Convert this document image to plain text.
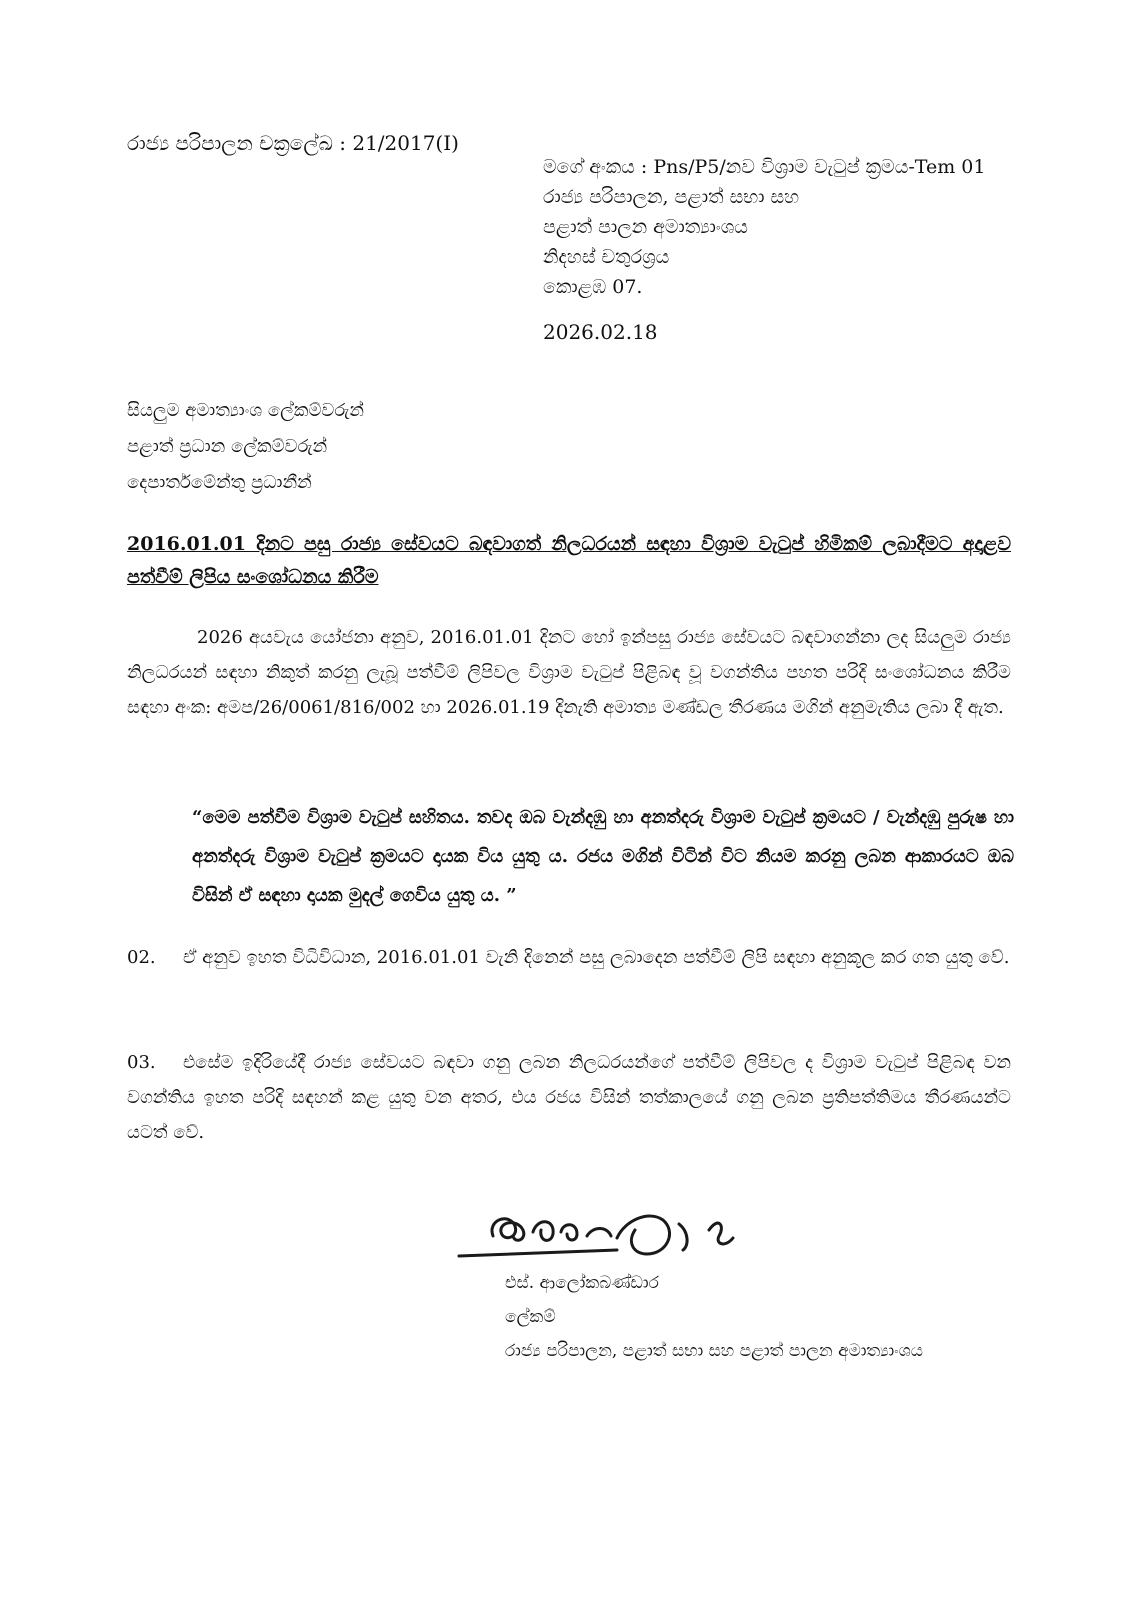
රාජ්‍ය පරිපාලන චක්‍රලේඛ : 21/2017(I)
මගේ අංකය : Pns/P5/නව විශ්‍රාම වැටුප් ක්‍රමය-Tem 01
රාජ්‍ය පරිපාලන, පළාත් සභා සහ
පළාත් පාලන අමාත්‍යාංශය
නිදහස් චතුරශ්‍රය
කොළඹ 07.
2026.02.18
සියලුම අමාත්‍යාංශ ලේකම්වරුන්
පළාත් ප්‍රධාන ලේකම්වරුන්
දෙපාර්තමේන්තු ප්‍රධානීන්
2016.01.01 දිනට පසු රාජ්‍ය සේවයට බඳවාගත් නිලධරයන් සඳහා විශ්‍රාම වැටුප් හිමිකම් ලබාදීමට අදාළව පත්වීම් ලිපිය සංශෝධනය කිරීම
2026 අයවැය යෝජනා අනුව, 2016.01.01 දිනට හෝ ඉන්පසු රාජ්‍ය සේවයට බඳවාගන්නා ලද සියලුම රාජ්‍ය නිලධරයන් සඳහා නිකුත් කරනු ලැබූ පත්වීම් ලිපිවල විශ්‍රාම වැටුප් පිළිබඳ වූ වගන්තිය පහත පරිදි සංශෝධනය කිරීම සඳහා අංක: අමප/26/0061/816/002 හා 2026.01.19 දිනැති අමාත්‍ය මණ්ඩල තීරණය මගින් අනුමැතිය ලබා දී ඇත.
“මෙම පත්වීම විශ්‍රාම වැටුප් සහිතය. තවද ඔබ වැන්දඹු හා අනත්දරු විශ්‍රාම වැටුප් ක්‍රමයට / වැන්දඹු පුරුෂ හා අනත්දරු විශ්‍රාම වැටුප් ක්‍රමයට දායක විය යුතු ය. රජය මගින් විටින් විට නියම කරනු ලබන ආකාරයට ඔබ විසින් ඒ සඳහා දායක මුදල් ගෙවිය යුතු ය. ”
02. ඒ අනුව ඉහත විධිවිධාන, 2016.01.01 වැනි දිනෙන් පසු ලබාදෙන පත්වීම් ලිපි සඳහා අනුකූල කර ගත යුතු වේ.
03. එසේම ඉදිරියේදී රාජ්‍ය සේවයට බඳවා ගනු ලබන නිලධරයන්ගේ පත්වීම් ලිපිවල ද විශ්‍රාම වැටුප් පිළිබඳ වන වගන්තිය ඉහත පරිදි සඳහන් කළ යුතු වන අතර, එය රජය විසින් තත්කාලයේ ගනු ලබන ප්‍රතිපත්තිමය තීරණයන්ට යටත් වේ.
එස්. ආලෝකබණ්ඩාර
ලේකම්
රාජ්‍ය පරිපාලන, පළාත් සභා සහ පළාත් පාලන අමාත්‍යාංශය
